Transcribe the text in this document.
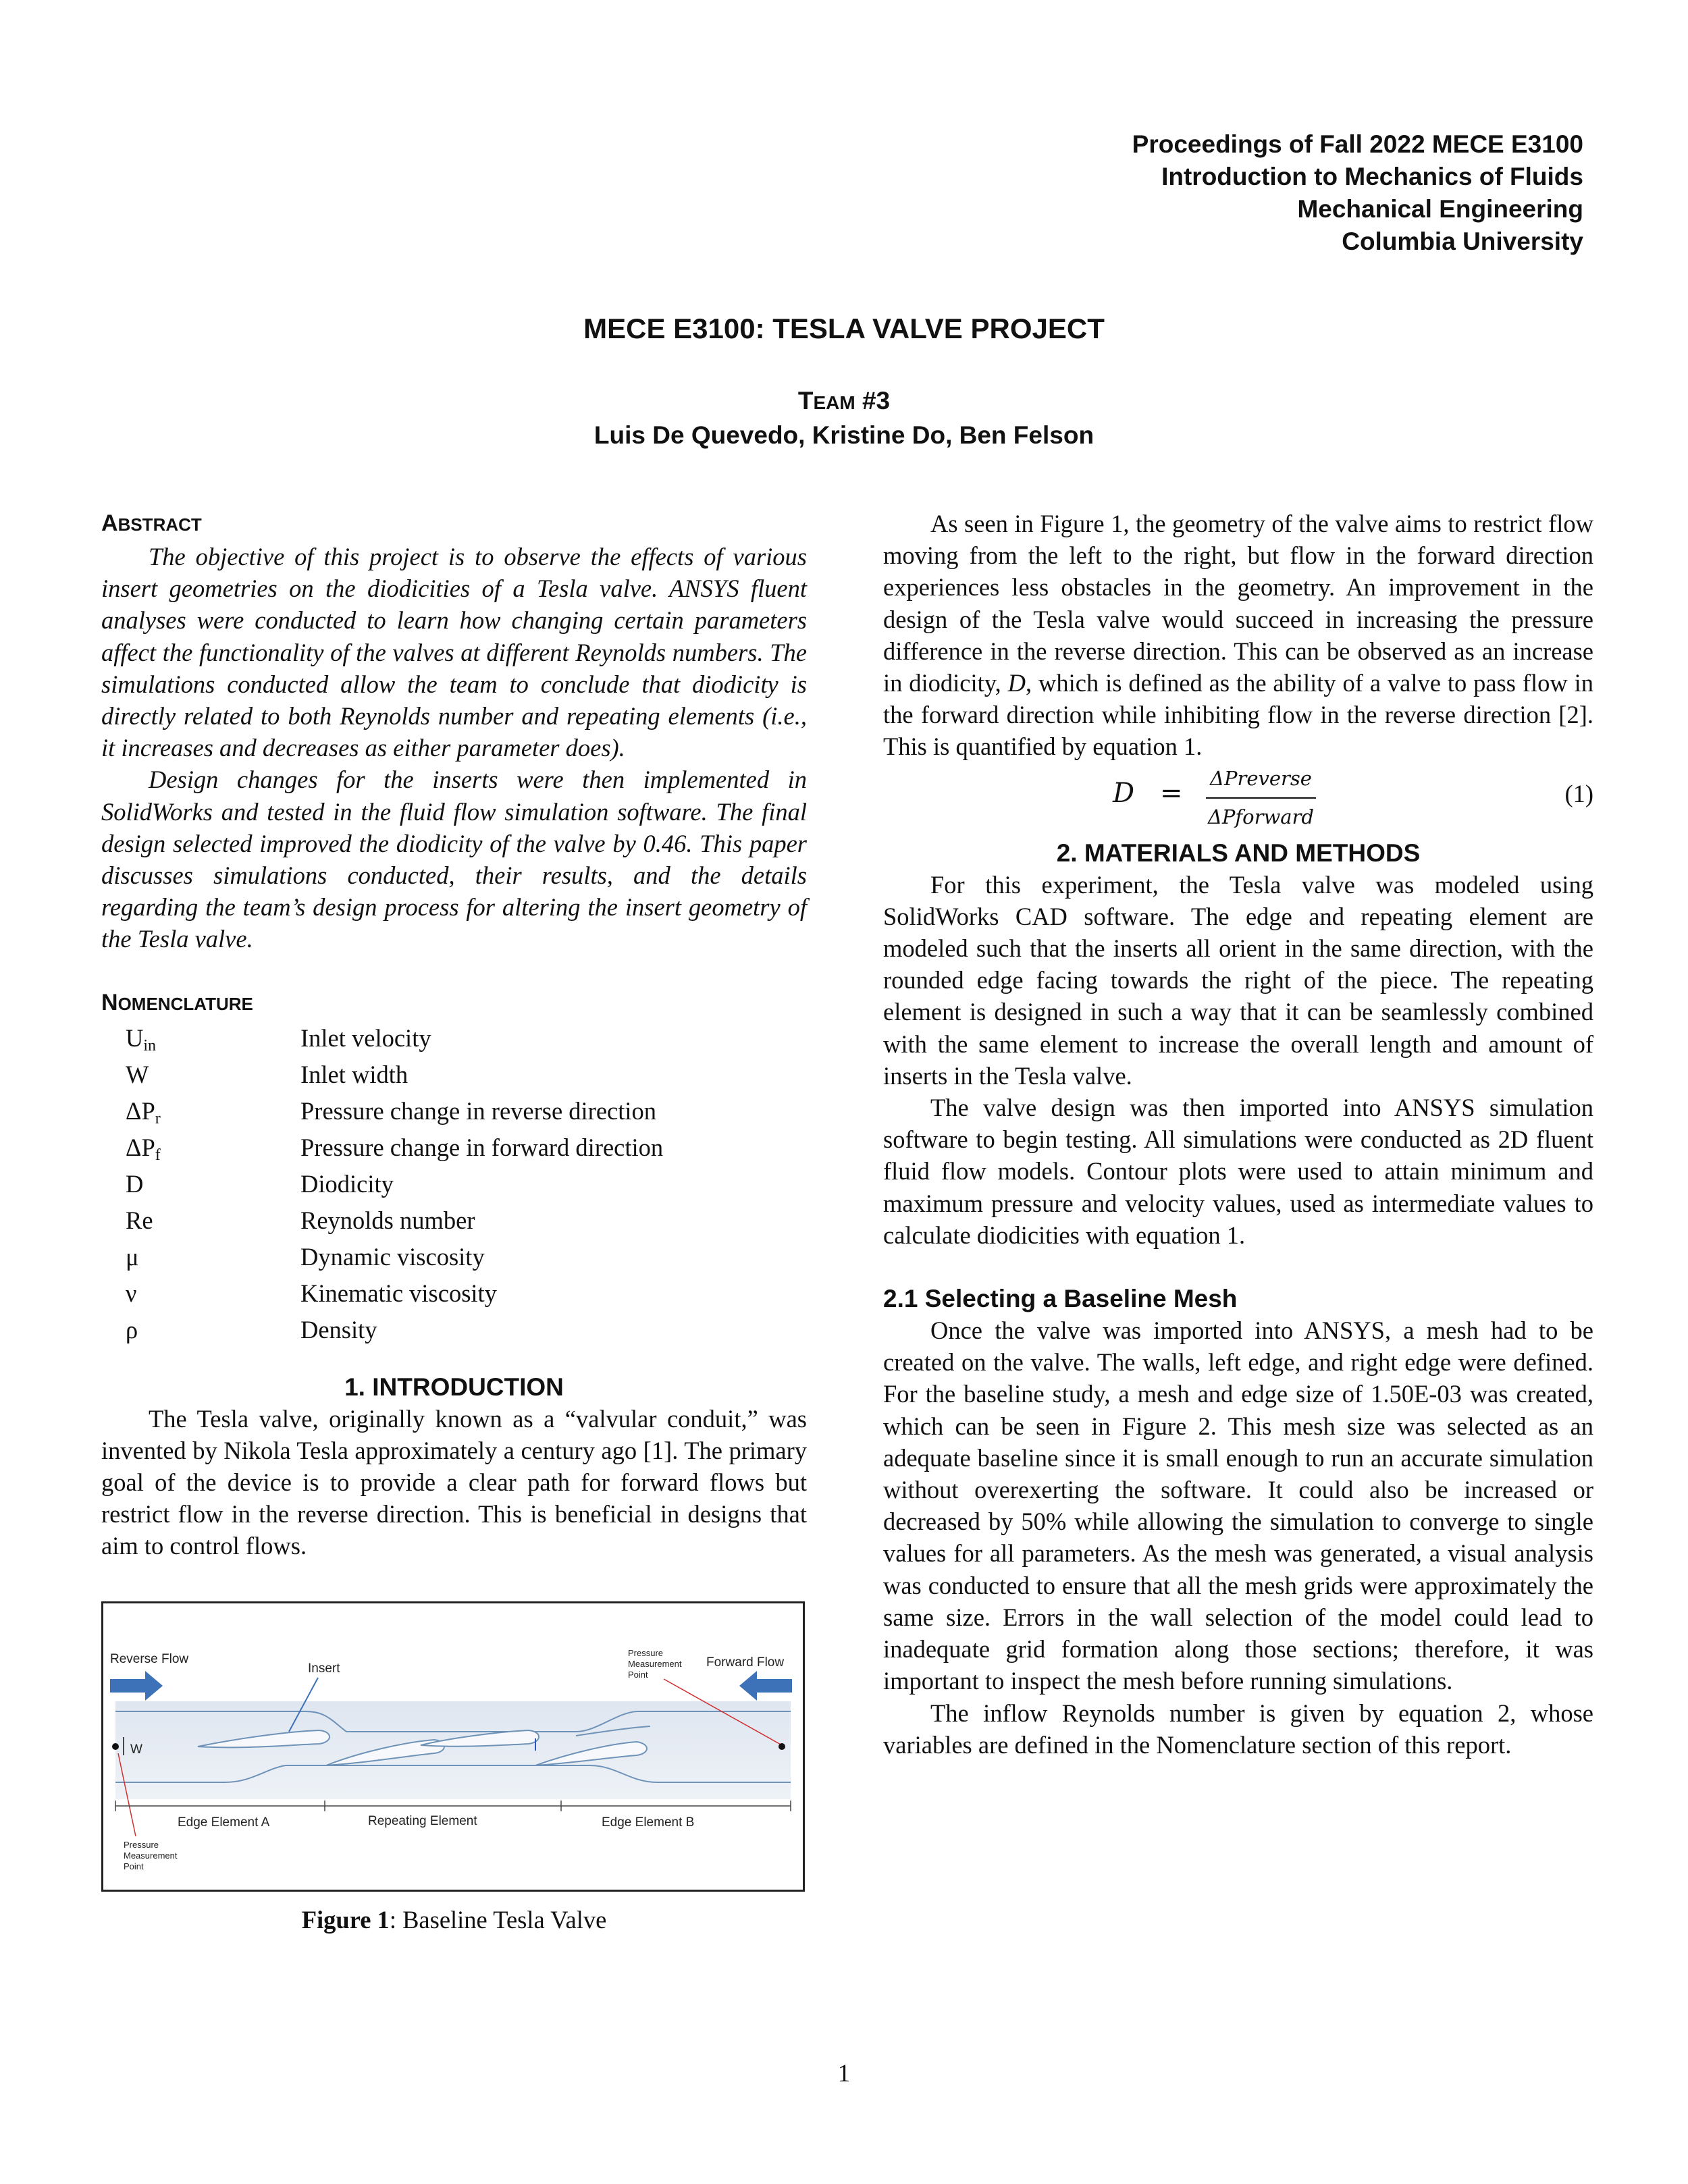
Proceedings of Fall 2022 MECE E3100
Introduction to Mechanics of Fluids
Mechanical Engineering
Columbia University
MECE E3100: TESLA VALVE PROJECT
TEAM #3
Luis De Quevedo, Kristine Do, Ben Felson
ABSTRACT

The objective of this project is to observe the effects of various insert geometries on the diodicities of a Tesla valve. ANSYS fluent analyses were conducted to learn how changing certain parameters affect the functionality of the valves at different Reynolds numbers. The simulations conducted allow the team to conclude that diodicity is directly related to both Reynolds number and repeating elements (i.e., it increases and decreases as either parameter does).

Design changes for the inserts were then implemented in SolidWorks and tested in the fluid flow simulation software. The final design selected improved the diodicity of the valve by 0.46. This paper discusses simulations conducted, their results, and the details regarding the team’s design process for altering the insert geometry of the Tesla valve.

NOMENCLATURE
$U_{in}$	Inlet velocity
W	Inlet width
$\Delta P_r$	Pressure change in reverse direction
$\Delta P_f$	Pressure change in forward direction
D	Diodicity
Re	Reynolds number
μ	Dynamic viscosity
ν	Kinematic viscosity
ρ	Density
1. INTRODUCTION

The Tesla valve, originally known as a “valvular conduit,” was invented by Nikola Tesla approximately a century ago [1]. The primary goal of the device is to provide a clear path for forward flows but restrict flow in the reverse direction. This is beneficial in designs that aim to control flows.

Reverse Flow	Forward Flow
Insert
Pressure
Measurement
Point
W
Edge Element A	Repeating Element	Edge Element B
Pressure
Measurement
Point
Figure 1: Baseline Tesla Valve

As seen in Figure 1, the geometry of the valve aims to restrict flow moving from the left to the right, but flow in the forward direction experiences less obstacles in the geometry. An improvement in the design of the Tesla valve would succeed in increasing the pressure difference in the reverse direction. This can be observed as an increase in diodicity, D, which is defined as the ability of a valve to pass flow in the forward direction while inhibiting flow in the reverse direction [2]. This is quantified by equation 1.

D = ΔPreverse
ΔPforward
(1)
2. MATERIALS AND METHODS

For this experiment, the Tesla valve was modeled using SolidWorks CAD software. The edge and repeating element are modeled such that the inserts all orient in the same direction, with the rounded edge facing towards the right of the piece. The repeating element is designed in such a way that it can be seamlessly combined with the same element to increase the overall length and amount of inserts in the Tesla valve.

The valve design was then imported into ANSYS simulation software to begin testing. All simulations were conducted as 2D fluent fluid flow models. Contour plots were used to attain minimum and maximum pressure and velocity values, used as intermediate values to calculate diodicities with equation 1.

2.1 Selecting a Baseline Mesh

Once the valve was imported into ANSYS, a mesh had to be created on the valve. The walls, left edge, and right edge were defined. For the baseline study, a mesh and edge size of 1.50E-03 was created, which can be seen in Figure 2. This mesh size was selected as an adequate baseline since it is small enough to run an accurate simulation without overexerting the software. It could also be increased or decreased by 50% while allowing the simulation to converge to single values for all parameters. As the mesh was generated, a visual analysis was conducted to ensure that all the mesh grids were approximately the same size. Errors in the wall selection of the model could lead to inadequate grid formation along those sections; therefore, it was important to inspect the mesh before running simulations.

The inflow Reynolds number is given by equation 2, whose variables are defined in the Nomenclature section of this report.

1
